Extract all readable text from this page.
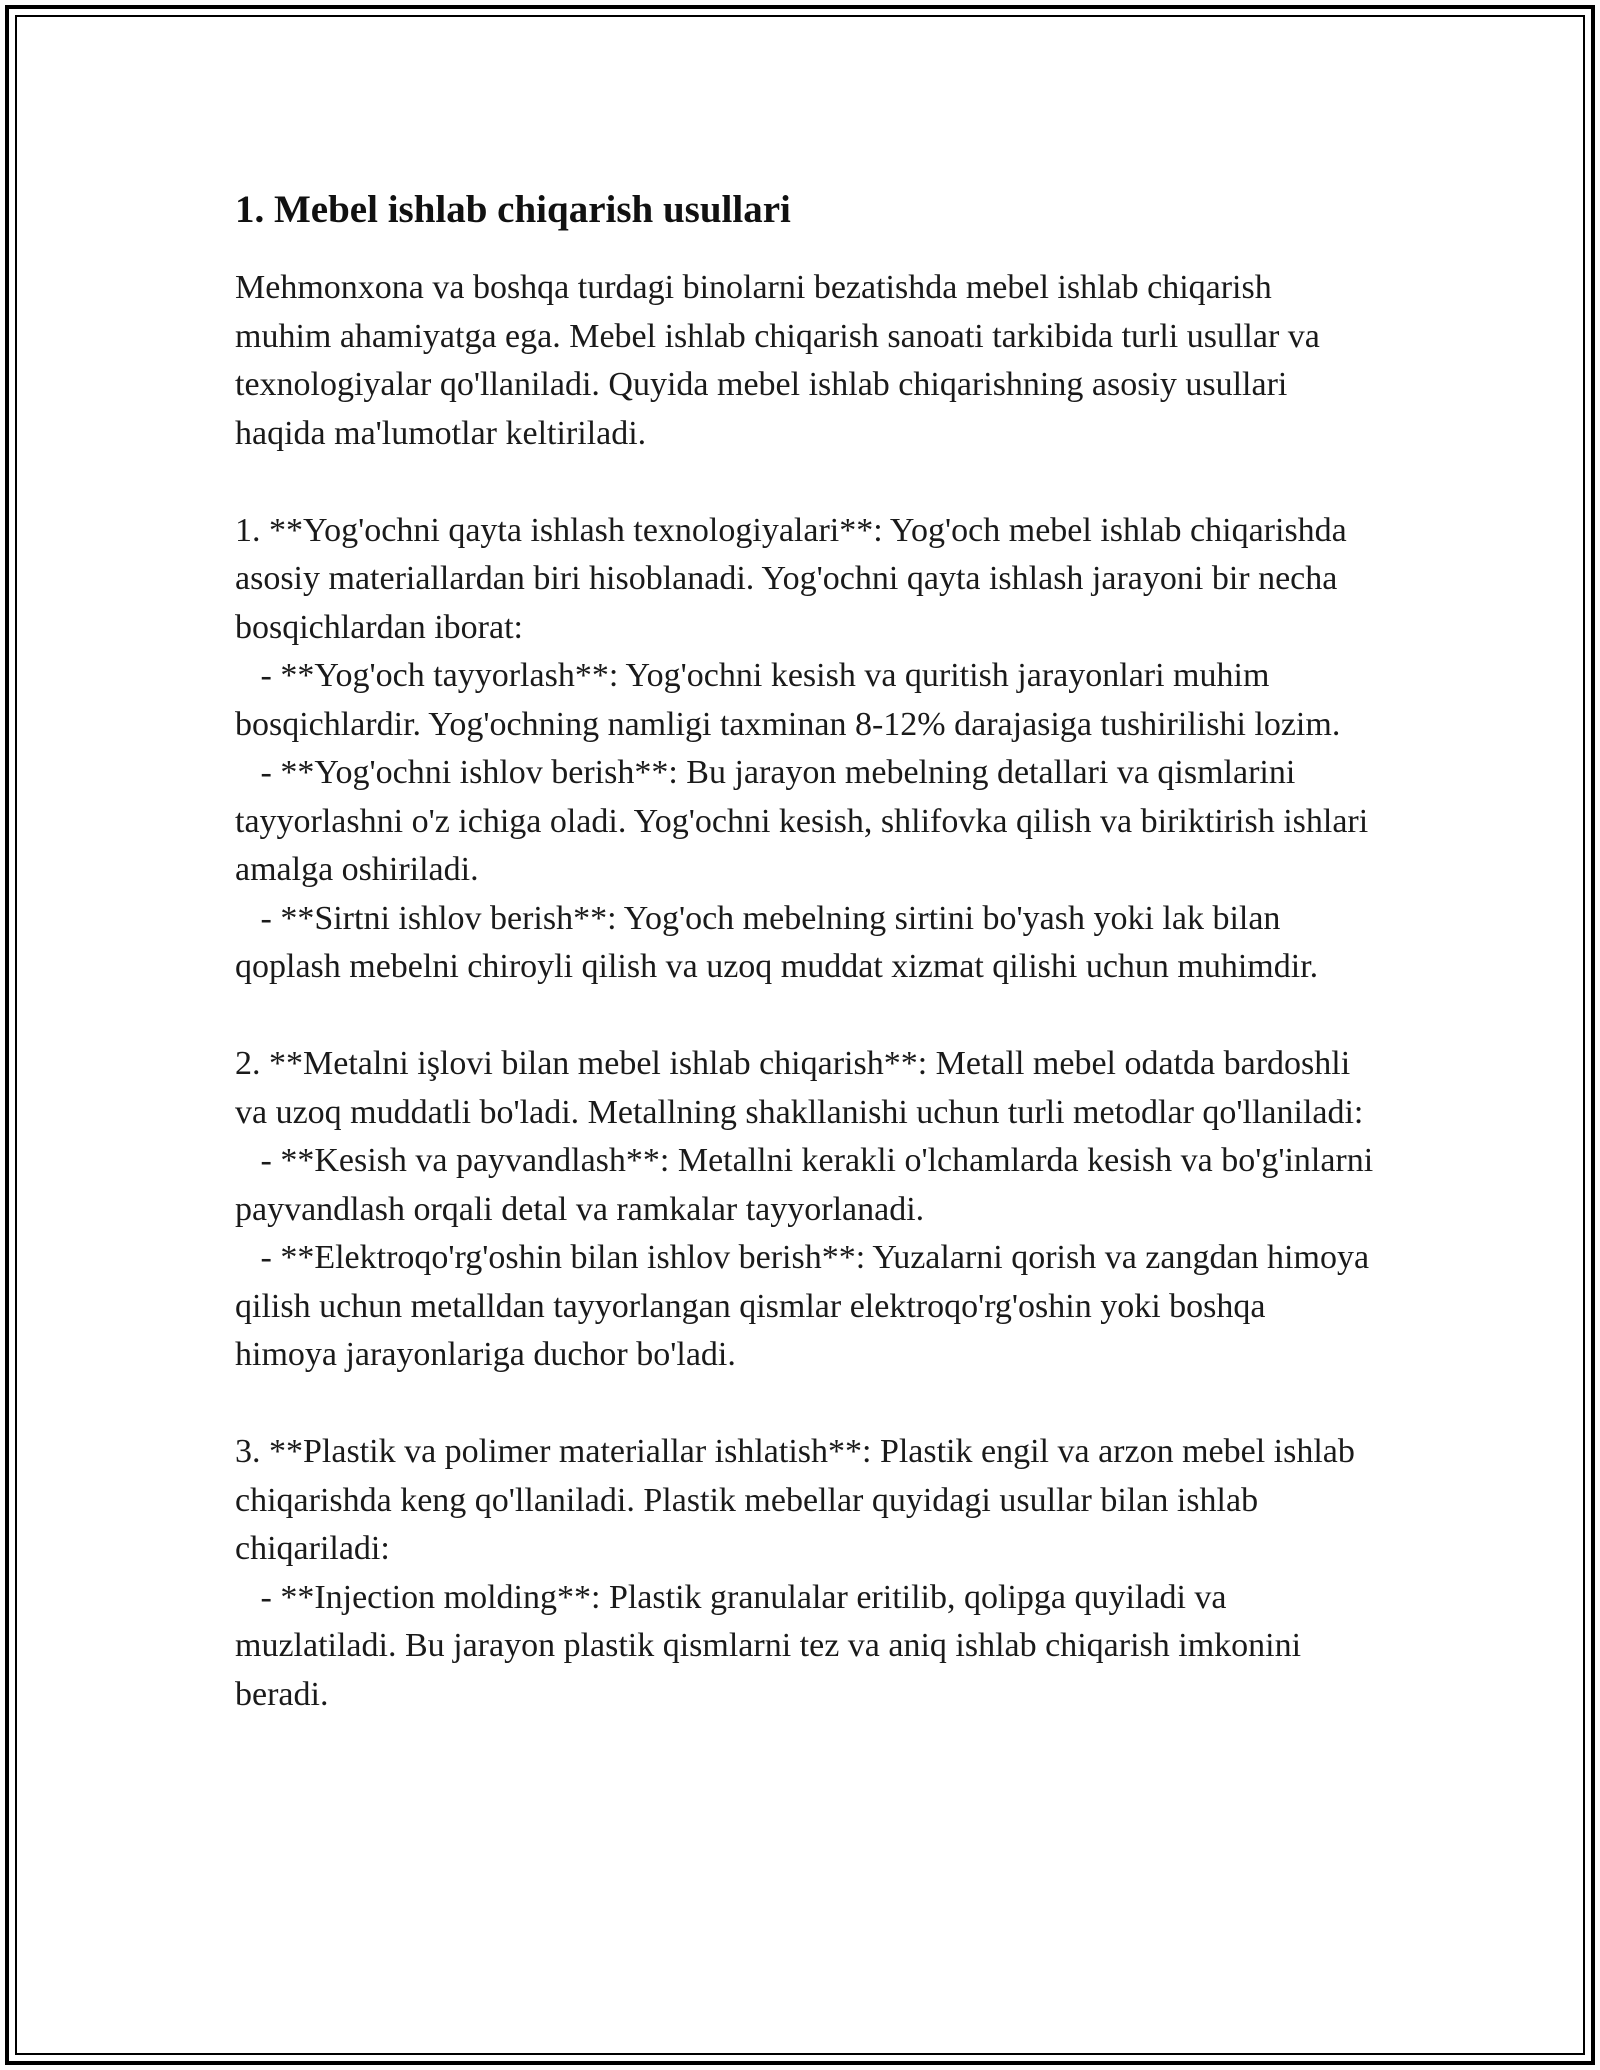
1. Mebel ishlab chiqarish usullari

Mehmonxona va boshqa turdagi binolarni bezatishda mebel ishlab chiqarish muhim ahamiyatga ega. Mebel ishlab chiqarish sanoati tarkibida turli usullar va texnologiyalar qo'llaniladi. Quyida mebel ishlab chiqarishning asosiy usullari haqida ma'lumotlar keltiriladi.

1. **Yog'ochni qayta ishlash texnologiyalari**: Yog'och mebel ishlab chiqarishda asosiy materiallardan biri hisoblanadi. Yog'ochni qayta ishlash jarayoni bir necha bosqichlardan iborat:

- **Yog'och tayyorlash**: Yog'ochni kesish va quritish jarayonlari muhim bosqichlardir. Yog'ochning namligi taxminan 8-12% darajasiga tushirilishi lozim.

- **Yog'ochni ishlov berish**: Bu jarayon mebelning detallari va qismlarini tayyorlashni o'z ichiga oladi. Yog'ochni kesish, shlifovka qilish va biriktirish ishlari amalga oshiriladi.

- **Sirtni ishlov berish**: Yog'och mebelning sirtini bo'yash yoki lak bilan qoplash mebelni chiroyli qilish va uzoq muddat xizmat qilishi uchun muhimdir.

2. **Metalni işlovi bilan mebel ishlab chiqarish**: Metall mebel odatda bardoshli va uzoq muddatli bo'ladi. Metallning shakllanishi uchun turli metodlar qo'llaniladi:

- **Kesish va payvandlash**: Metallni kerakli o'lchamlarda kesish va bo'g'inlarni payvandlash orqali detal va ramkalar tayyorlanadi.

- **Elektroqo'rg'oshin bilan ishlov berish**: Yuzalarni qorish va zangdan himoya qilish uchun metalldan tayyorlangan qismlar elektroqo'rg'oshin yoki boshqa himoya jarayonlariga duchor bo'ladi.

3. **Plastik va polimer materiallar ishlatish**: Plastik engil va arzon mebel ishlab chiqarishda keng qo'llaniladi. Plastik mebellar quyidagi usullar bilan ishlab chiqariladi:

- **Injection molding**: Plastik granulalar eritilib, qolipga quyiladi va muzlatiladi. Bu jarayon plastik qismlarni tez va aniq ishlab chiqarish imkonini beradi.
